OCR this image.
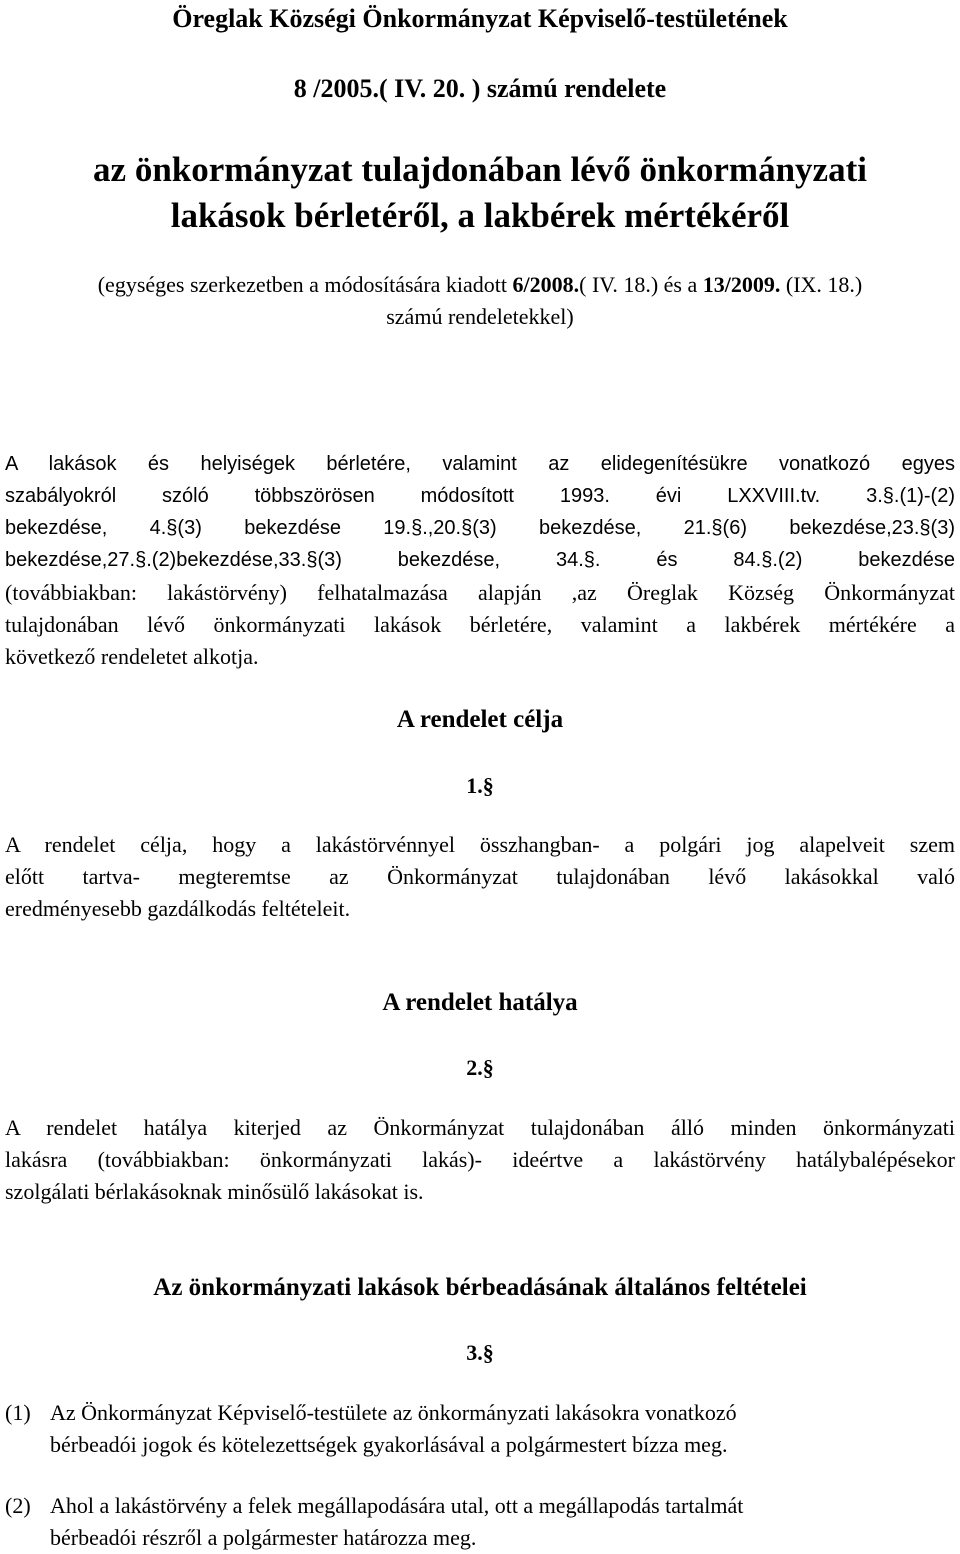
Öreglak Községi Önkormányzat Képviselő-testületének
8 /2005.( IV. 20. ) számú rendelete
az önkormányzat tulajdonában lévő önkormányzati
lakások bérletéről, a lakbérek mértékéről
(egységes szerkezetben a módosítására kiadott 6/2008.( IV. 18.) és a 13/2009. (IX. 18.)
számú rendeletekkel)
A lakások és helyiségek bérletére, valamint az elidegenítésükre vonatkozó egyes
szabályokról szóló többszörösen módosított 1993. évi LXXVIII.tv. 3.§.(1)-(2)
bekezdése, 4.§(3) bekezdése 19.§.,20.§(3) bekezdése, 21.§(6) bekezdése,23.§(3)
bekezdése,27.§.(2)bekezdése,33.§(3) bekezdése, 34.§. és 84.§.(2) bekezdése
(továbbiakban: lakástörvény) felhatalmazása alapján ,az Öreglak Község Önkormányzat
tulajdonában lévő önkormányzati lakások bérletére, valamint a lakbérek mértékére a
következő rendeletet alkotja.
A rendelet célja
1.§
A rendelet célja, hogy a lakástörvénnyel összhangban- a polgári jog alapelveit szem
előtt tartva- megteremtse az Önkormányzat tulajdonában lévő lakásokkal való
eredményesebb gazdálkodás feltételeit.
A rendelet hatálya
2.§
A rendelet hatálya kiterjed az Önkormányzat tulajdonában álló minden önkormányzati
lakásra (továbbiakban: önkormányzati lakás)- ideértve a lakástörvény hatálybalépésekor
szolgálati bérlakásoknak minősülő lakásokat is.
Az önkormányzati lakások bérbeadásának általános feltételei
3.§
(1) Az Önkormányzat Képviselő-testülete az önkormányzati lakásokra vonatkozó
bérbeadói jogok és kötelezettségek gyakorlásával a polgármestert bízza meg.
(2) Ahol a lakástörvény a felek megállapodására utal, ott a megállapodás tartalmát
bérbeadói részről a polgármester határozza meg.
